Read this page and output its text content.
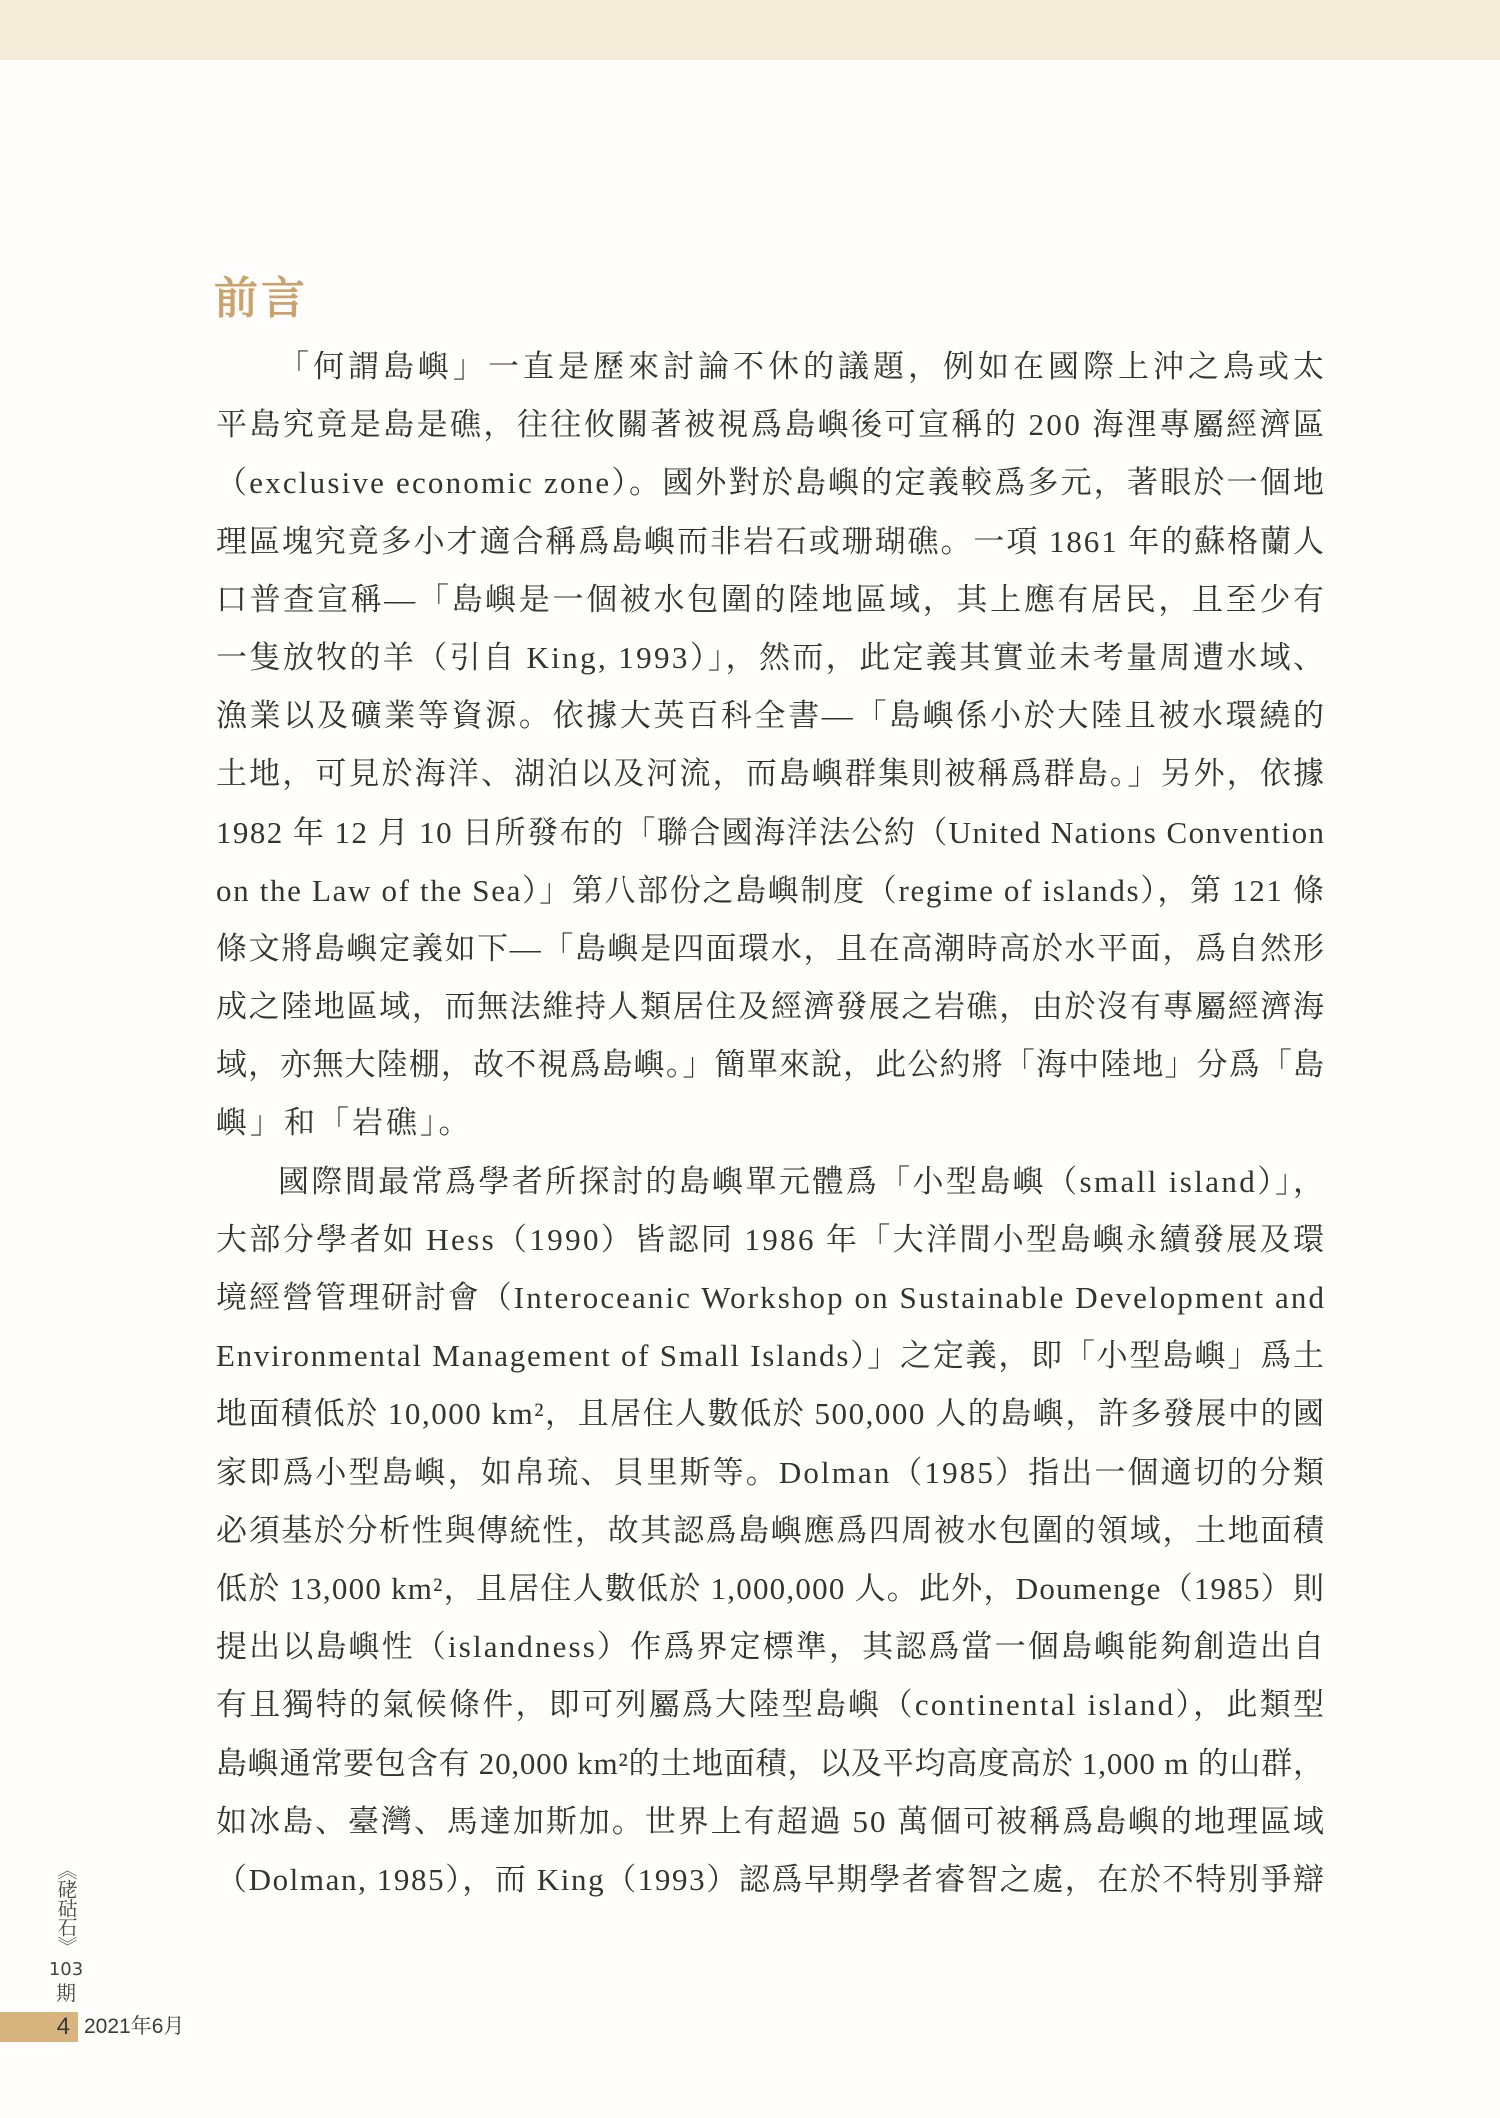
前言
「何謂島嶼」一直是歷來討論不休的議題，例如在國際上沖之鳥或太
平島究竟是島是礁，往往攸關著被視爲島嶼後可宣稱的 200 海浬專屬經濟區
（exclusive economic zone）。國外對於島嶼的定義較爲多元，著眼於一個地
理區塊究竟多小才適合稱爲島嶼而非岩石或珊瑚礁。一項 1861 年的蘇格蘭人
口普查宣稱—「島嶼是一個被水包圍的陸地區域，其上應有居民，且至少有
一隻放牧的羊（引自 King, 1993）」，然而，此定義其實並未考量周遭水域、
漁業以及礦業等資源。依據大英百科全書—「島嶼係小於大陸且被水環繞的
土地，可見於海洋、湖泊以及河流，而島嶼群集則被稱爲群島。」另外，依據
1982 年 12 月 10 日所發布的「聯合國海洋法公約（United Nations Convention
on the Law of the Sea）」第八部份之島嶼制度（regime of islands），第 121 條
條文將島嶼定義如下—「島嶼是四面環水，且在高潮時高於水平面，爲自然形
成之陸地區域，而無法維持人類居住及經濟發展之岩礁，由於沒有專屬經濟海
域，亦無大陸棚，故不視爲島嶼。」簡單來說，此公約將「海中陸地」分爲「島
嶼」和「岩礁」。
國際間最常爲學者所探討的島嶼單元體爲「小型島嶼（small island）」，
大部分學者如 Hess（1990）皆認同 1986 年「大洋間小型島嶼永續發展及環
境經營管理研討會（Interoceanic Workshop on Sustainable Development and
Environmental Management of Small Islands）」之定義，即「小型島嶼」爲土
地面積低於 10,000 km²，且居住人數低於 500,000 人的島嶼，許多發展中的國
家即爲小型島嶼，如帛琉、貝里斯等。Dolman（1985）指出一個適切的分類
必須基於分析性與傳統性，故其認爲島嶼應爲四周被水包圍的領域，土地面積
低於 13,000 km²，且居住人數低於 1,000,000 人。此外，Doumenge（1985）則
提出以島嶼性（islandness）作爲界定標準，其認爲當一個島嶼能夠創造出自
有且獨特的氣候條件，即可列屬爲大陸型島嶼（continental island），此類型
島嶼通常要包含有 20,000 km²的土地面積，以及平均高度高於 1,000 m 的山群，
如冰島、臺灣、馬達加斯加。世界上有超過 50 萬個可被稱爲島嶼的地理區域
（Dolman, 1985），而 King（1993）認爲早期學者睿智之處，在於不特別爭辯
《硓𥑮石》
103
期
4 2021年6月
